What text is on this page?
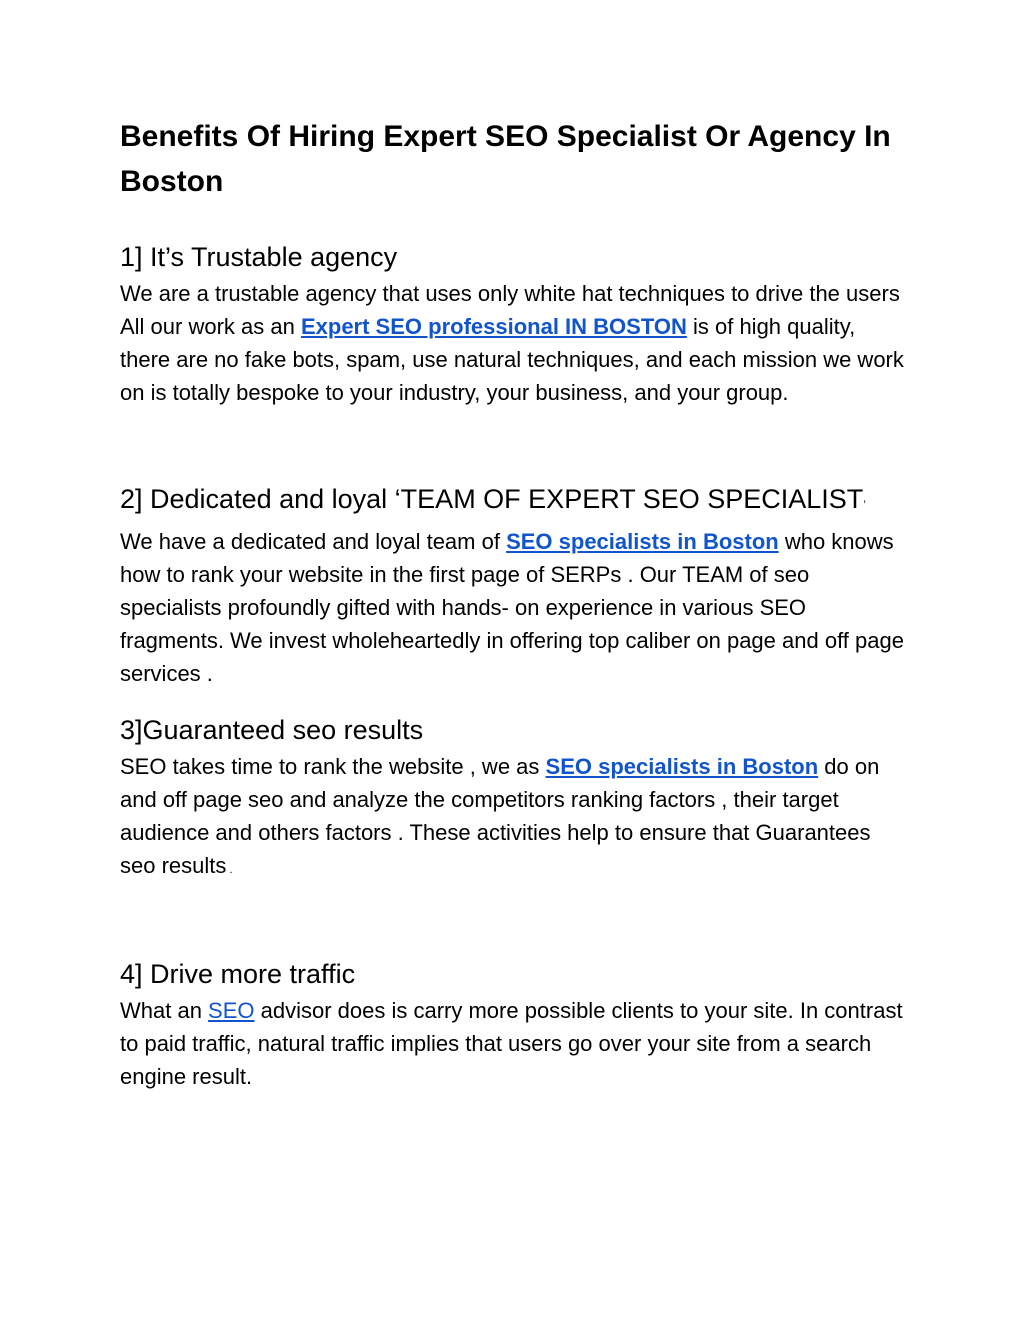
Benefits Of Hiring Expert SEO Specialist Or Agency In Boston
1] It’s Trustable agency

We are a trustable agency that uses only white hat techniques to drive the users All our work as an Expert SEO professional IN BOSTON is of high quality, there are no fake bots, spam, use natural techniques, and each mission we work on is totally bespoke to your industry, your business, and your group.

2] Dedicated and loyal ‘TEAM OF EXPERT SEO SPECIALIST’

We have a dedicated and loyal team of SEO specialists in Boston who knows how to rank your website in the first page of SERPs . Our TEAM of seo specialists profoundly gifted with hands- on experience in various SEO fragments. We invest wholeheartedly in offering top caliber on page and off page services .

3]Guaranteed seo results

SEO takes time to rank the website , we as SEO specialists in Boston do on and off page seo and analyze the competitors ranking factors , their target audience and others factors . These activities help to ensure that Guarantees seo results .

4] Drive more traffic

What an SEO advisor does is carry more possible clients to your site. In contrast to paid traffic, natural traffic implies that users go over your site from a search engine result.
